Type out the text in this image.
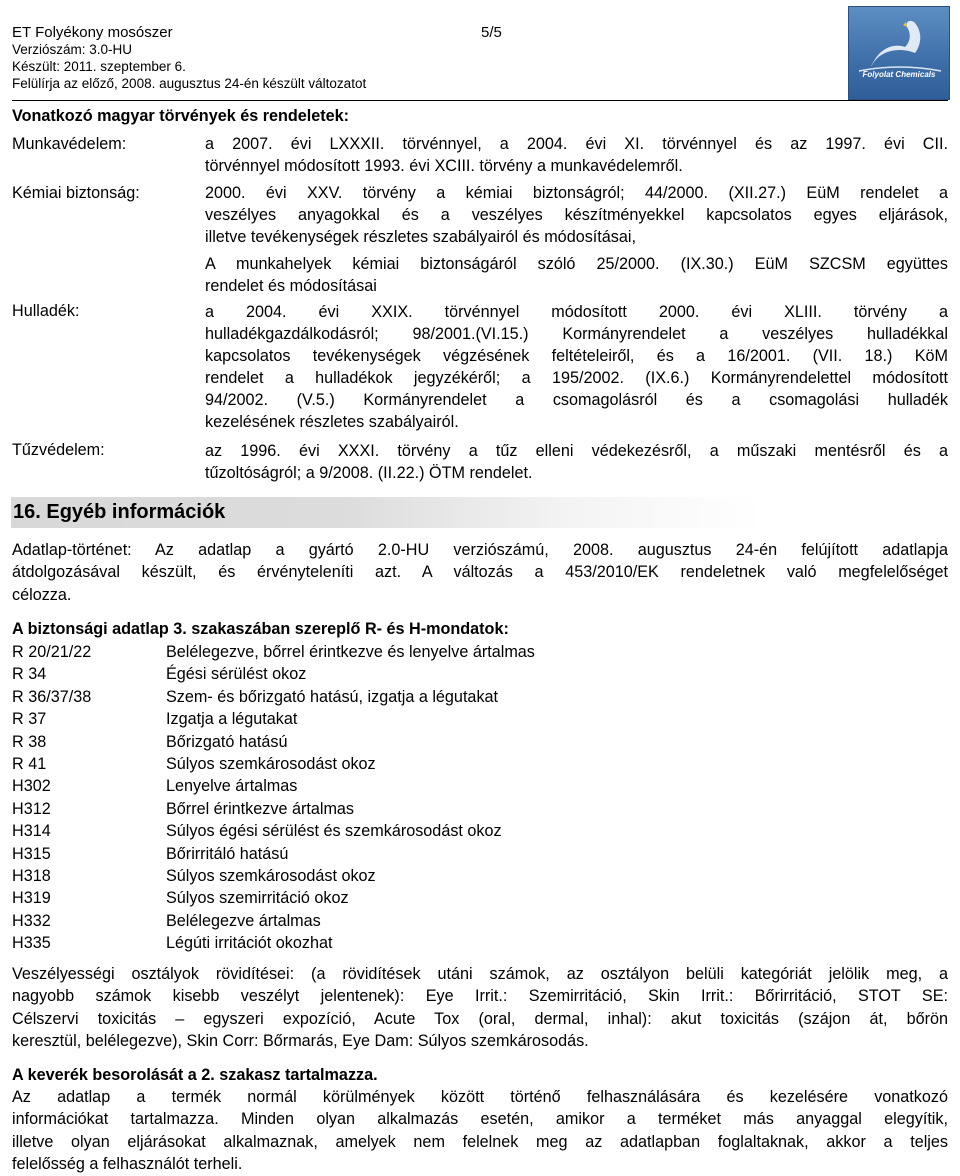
ET Folyékony mosószer	5/5
Verziószám: 3.0-HU
Készült: 2011. szeptember 6.
Felülírja az előző, 2008. augusztus 24-én készült változatot
Folyolat Chemicals
Vonatkozó magyar törvények és rendeletek:
Munkavédelem:	a 2007. évi LXXXII. törvénnyel, a 2004. évi XI. törvénnyel és az 1997. évi CII.

törvénnyel módosított 1993. évi XCIII. törvény a munkavédelemről.

Kémiai biztonság:	2000. évi XXV. törvény a kémiai biztonságról; 44/2000. (XII.27.) EüM rendelet a

veszélyes anyagokkal és a veszélyes készítményekkel kapcsolatos egyes eljárások,

illetve tevékenységek részletes szabályairól és módosításai,

A munkahelyek kémiai biztonságáról szóló 25/2000. (IX.30.) EüM SZCSM együttes

rendelet és módosításai

Hulladék:	a 2004. évi XXIX. törvénnyel módosított 2000. évi XLIII. törvény a

hulladékgazdálkodásról; 98/2001.(VI.15.) Kormányrendelet a veszélyes hulladékkal

kapcsolatos tevékenységek végzésének feltételeiről, és a 16/2001. (VII. 18.) KöM

rendelet a hulladékok jegyzékéről; a 195/2002. (IX.6.) Kormányrendelettel módosított

94/2002. (V.5.) Kormányrendelet a csomagolásról és a csomagolási hulladék

kezelésének részletes szabályairól.

Tűzvédelem:	az 1996. évi XXXI. törvény a tűz elleni védekezésről, a műszaki mentésről és a

tűzoltóságról; a 9/2008. (II.22.) ÖTM rendelet.

16. Egyéb információk
Adatlap-történet: Az adatlap a gyártó 2.0-HU verziószámú, 2008. augusztus 24-én felújított adatlapja
átdolgozásával készült, és érvényteleníti azt. A változás a 453/2010/EK rendeletnek való megfelelőséget
célozza.
A biztonsági adatlap 3. szakaszában szereplő R- és H-mondatok:
R 20/21/22	Belélegezve, bőrrel érintkezve és lenyelve ártalmas
R 34	Égési sérülést okoz
R 36/37/38	Szem- és bőrizgató hatású, izgatja a légutakat
R 37	Izgatja a légutakat
R 38	Bőrizgató hatású
R 41	Súlyos szemkárosodást okoz
H302	Lenyelve ártalmas
H312	Bőrrel érintkezve ártalmas
H314	Súlyos égési sérülést és szemkárosodást okoz
H315	Bőrirritáló hatású
H318	Súlyos szemkárosodást okoz
H319	Súlyos szemirritáció okoz
H332	Belélegezve ártalmas
H335	Légúti irritációt okozhat
Veszélyességi osztályok rövidítései: (a rövidítések utáni számok, az osztályon belüli kategóriát jelölik meg, a
nagyobb számok kisebb veszélyt jelentenek): Eye Irrit.: Szemirritáció, Skin Irrit.: Bőrirritáció, STOT SE:
Célszervi toxicitás – egyszeri expozíció, Acute Tox (oral, dermal, inhal): akut toxicitás (szájon át, bőrön
keresztül, belélegezve), Skin Corr: Bőrmarás, Eye Dam: Súlyos szemkárosodás.
A keverék besorolását a 2. szakasz tartalmazza.
Az adatlap a termék normál körülmények között történő felhasználására és kezelésére vonatkozó
információkat tartalmazza. Minden olyan alkalmazás esetén, amikor a terméket más anyaggal elegyítik,
illetve olyan eljárásokat alkalmaznak, amelyek nem felelnek meg az adatlapban foglaltaknak, akkor a teljes
felelősség a felhasználót terheli.
